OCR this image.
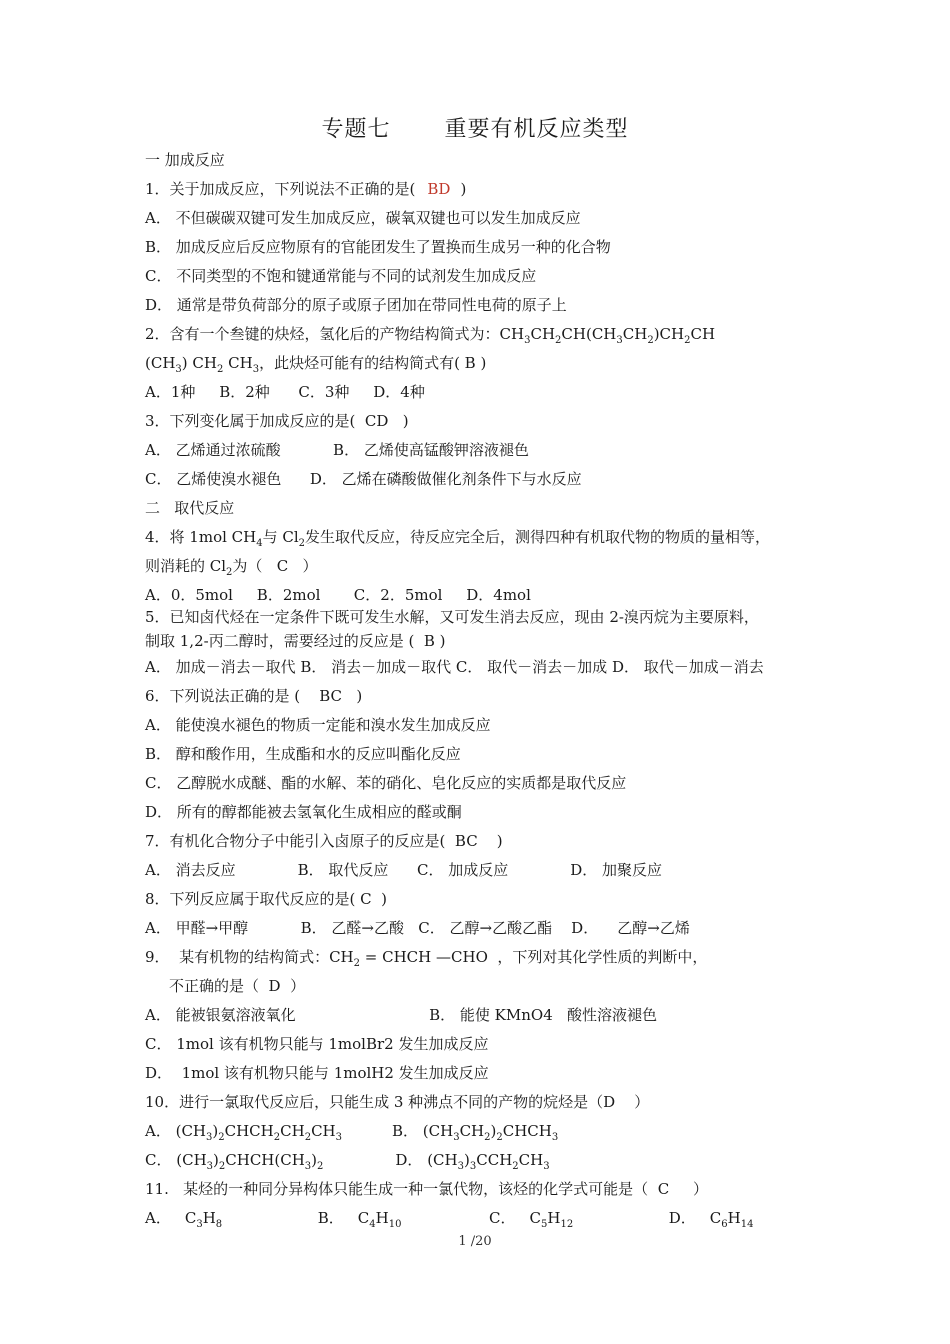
专题七 重要有机反应类型
一 加成反应
1．关于加成反应，下列说法不正确的是( BD )
A． 不但碳碳双键可发生加成反应，碳氧双键也可以发生加成反应
B． 加成反应后反应物原有的官能团发生了置换而生成另一种的化合物
C． 不同类型的不饱和键通常能与不同的试剂发生加成反应
D． 通常是带负荷部分的原子或原子团加在带同性电荷的原子上
2．含有一个叁键的炔烃，氢化后的产物结构简式为：$CH_3CH_2CH(CH_3CH_2)CH_2CH$
$(CH_3)$ $CH_2$ $CH_3$，此炔烃可能有的结构简式有( B )
A．1种     B．2种      C．3种     D．4种
3．下列变化属于加成反应的是(  CD   )
A． 乙烯通过浓硫酸           B． 乙烯使高锰酸钾溶液褪色
C． 乙烯使溴水褪色      D． 乙烯在磷酸做催化剂条件下与水反应
二   取代反应
4．将 1mol $CH_4$与 $Cl_2$发生取代反应，待反应完全后，测得四种有机取代物的物质的量相等，
则消耗的 $Cl_2$为（   C   ）
A．0．5mol     B．2mol       C．2．5mol     D．4mol
5．已知卤代烃在一定条件下既可发生水解，又可发生消去反应，现由 2-溴丙烷为主要原料，
制取 1,2-丙二醇时，需要经过的反应是 (  B )
A． 加成－消去－取代 B． 消去－加成－取代 C． 取代－消去－加成 D． 取代－加成－消去
6．下列说法正确的是 (    BC   )
A． 能使溴水褪色的物质一定能和溴水发生加成反应
B． 醇和酸作用，生成酯和水的反应叫酯化反应
C． 乙醇脱水成醚、酯的水解、苯的硝化、皂化反应的实质都是取代反应
D． 所有的醇都能被去氢氧化生成相应的醛或酮
7．有机化合物分子中能引入卤原子的反应是(  BC    )
A． 消去反应             B． 取代反应      C． 加成反应             D． 加聚反应
8．下列反应属于取代反应的是( C  )
A． 甲醛→甲醇           B． 乙醛→乙酸   C． 乙醇→乙酸乙酯    D．    乙醇→乙烯
9．  某有机物的结构简式：$CH_2$ = CHCH —CHO  ，下列对其化学性质的判断中，
不正确的是（  D  ）
A． 能被银氨溶液氧化                            B． 能使 KMnO4   酸性溶液褪色
C． 1mol 该有机物只能与 1molBr2 发生加成反应
D．  1mol 该有机物只能与 1molH2 发生加成反应
10．进行一氯取代反应后，只能生成 3 种沸点不同的产物的烷烃是（D    ）
A． $(CH_3)_2CHCH_2CH_2CH_3$	B． $(CH_3CH_2)_2CHCH_3$
C． $(CH_3)_2CHCH(CH_3)_2$	D． $(CH_3)_3CCH_2CH_3$
11.   某烃的一种同分异构体只能生成一种一氯代物，该烃的化学式可能是（  C     ）
A． $C_3H_8$	B． $C_4H_{10}$	C． $C_5H_{12}$	D． $C_6H_{14}$
1 /20
